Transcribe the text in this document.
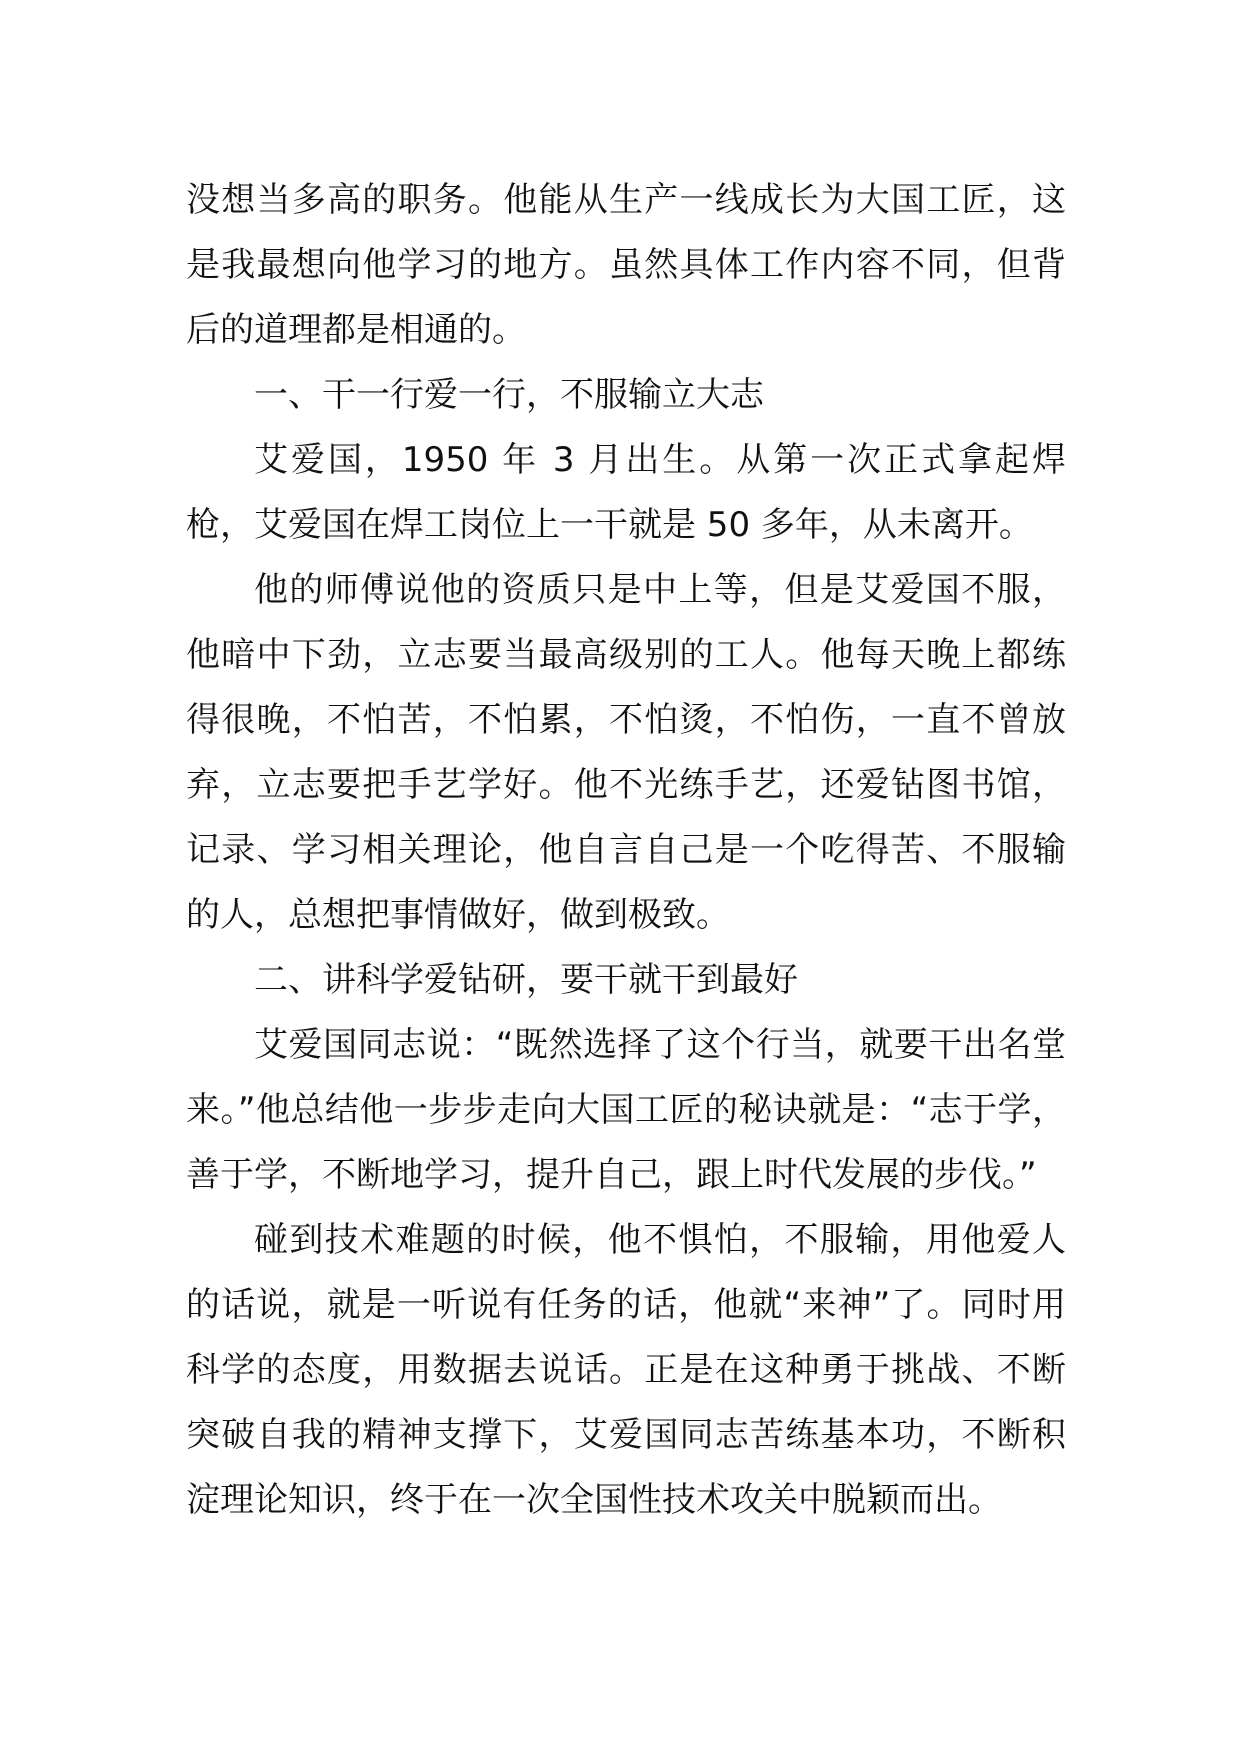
没想当多高的职务。他能从生产一线成长为大国工匠，这是我最想向他学习的地方。虽然具体工作内容不同，但背后的道理都是相通的。

一、干一行爱一行，不服输立大志

艾爱国，1950 年 3 月出生。从第一次正式拿起焊枪，艾爱国在焊工岗位上一干就是 50 多年，从未离开。

他的师傅说他的资质只是中上等，但是艾爱国不服，他暗中下劲，立志要当最高级别的工人。他每天晚上都练得很晚，不怕苦，不怕累，不怕烫，不怕伤，一直不曾放弃，立志要把手艺学好。他不光练手艺，还爱钻图书馆，记录、学习相关理论，他自言自己是一个吃得苦、不服输的人，总想把事情做好，做到极致。

二、讲科学爱钻研，要干就干到最好

艾爱国同志说：“既然选择了这个行当，就要干出名堂来。”他总结他一步步走向大国工匠的秘诀就是：“志于学，善于学，不断地学习，提升自己，跟上时代发展的步伐。”

碰到技术难题的时候，他不惧怕，不服输，用他爱人的话说，就是一听说有任务的话，他就“来神”了。同时用科学的态度，用数据去说话。正是在这种勇于挑战、不断突破自我的精神支撑下，艾爱国同志苦练基本功，不断积淀理论知识，终于在一次全国性技术攻关中脱颖而出。
